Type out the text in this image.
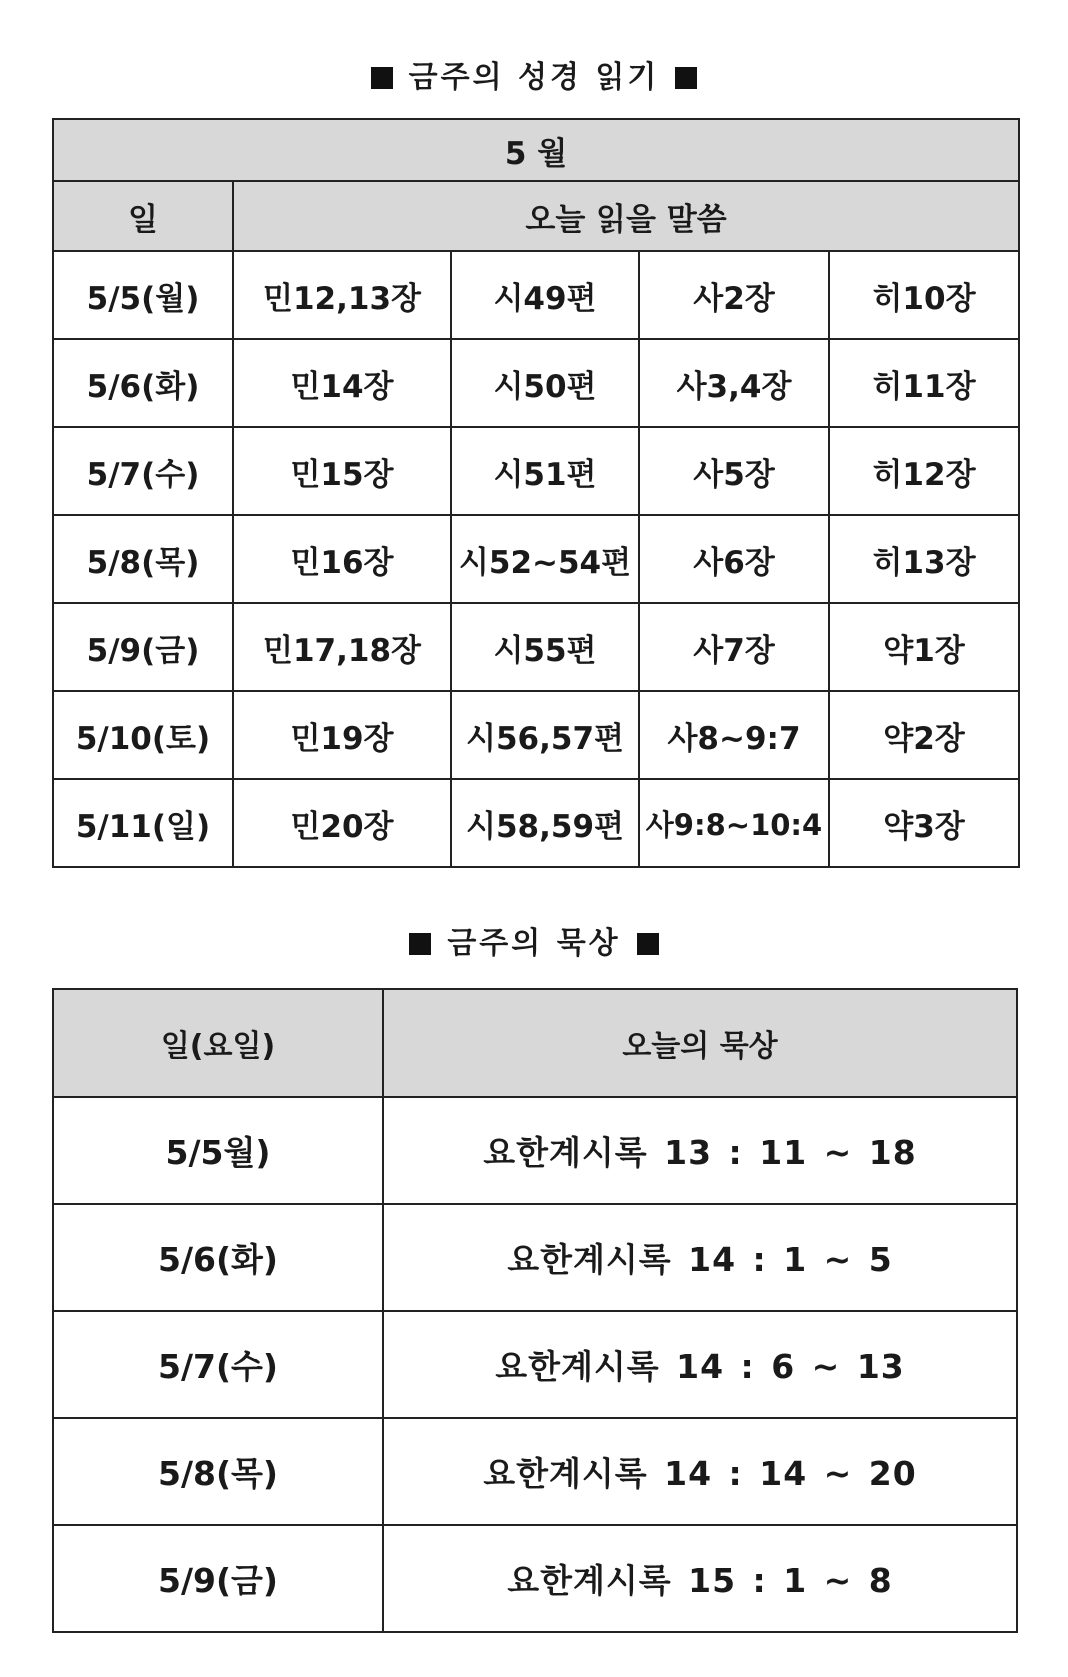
금주의 성경 읽기
5 월				
일	오늘 읽을 말씀			
5/5(월)	민12,13장	시49편	사2장	히10장
5/6(화)	민14장	시50편	사3,4장	히11장
5/7(수)	민15장	시51편	사5장	히12장
5/8(목)	민16장	시52~54편	사6장	히13장
5/9(금)	민17,18장	시55편	사7장	약1장
5/10(토)	민19장	시56,57편	사8~9:7	약2장
5/11(일)	민20장	시58,59편	사9:8~10:4	약3장
금주의 묵상
일(요일)	오늘의 묵상
5/5월)	요한계시록 13 : 11 ~ 18
5/6(화)	요한계시록 14 : 1 ~ 5
5/7(수)	요한계시록 14 : 6 ~ 13
5/8(목)	요한계시록 14 : 14 ~ 20
5/9(금)	요한계시록 15 : 1 ~ 8
